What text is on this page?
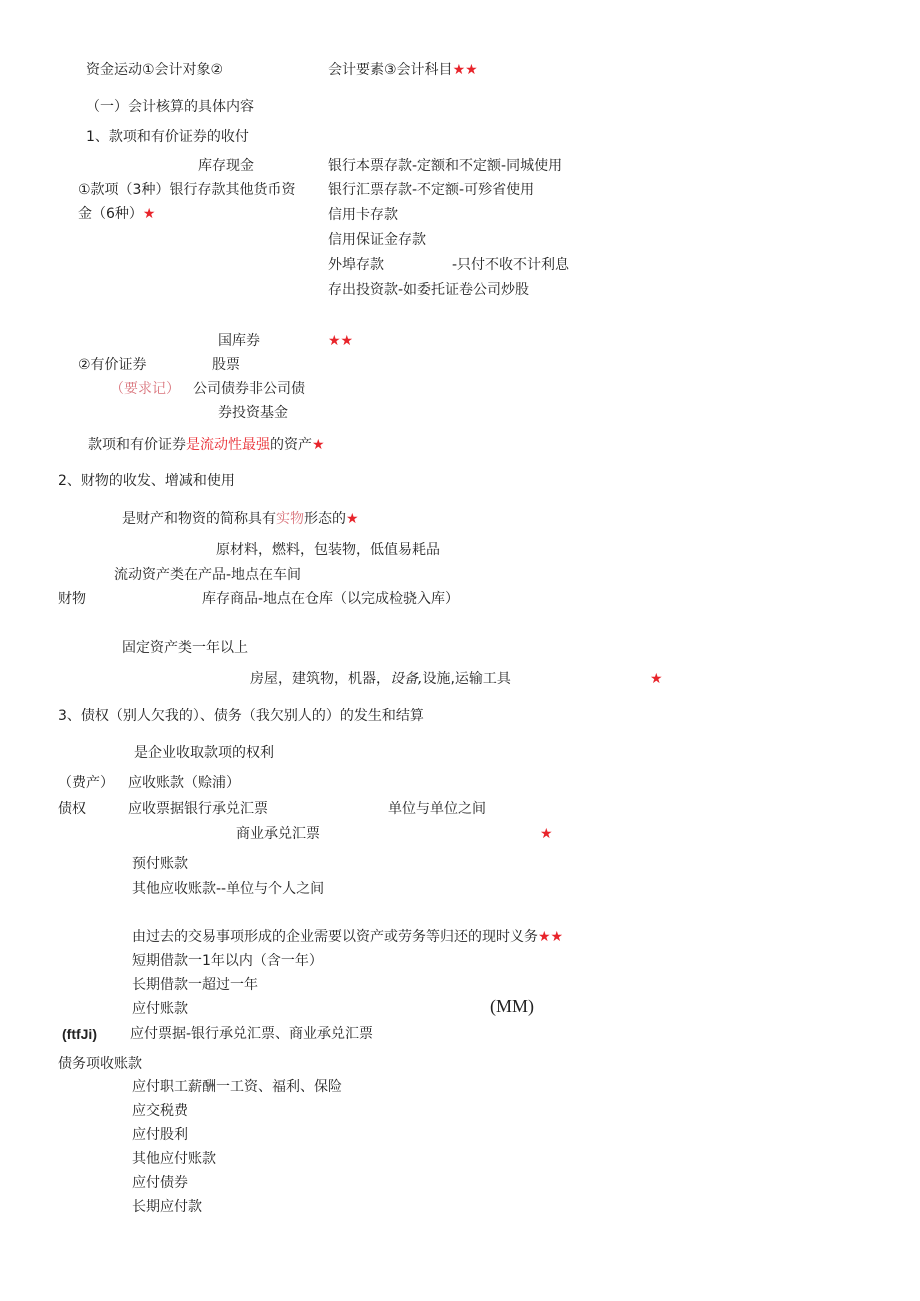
资金运动①会计对象②	会计要素③会计科目★★
（一）会计核算的具体内容
1、款项和有价证券的收付
库存现金
①款项（3种）银行存款其他货币资
金（6种）★
银行本票存款-定额和不定额-同城使用
银行汇票存款-不定额-可殄省使用
信用卡存款
信用保证金存款
外埠存款	-只付不收不计利息
存出投资款-如委托证卷公司炒股
国库券	★★
②有价证券	股票
（要求记） 公司债券非公司债
券投资基金
款项和有价证券是流动性最强的资产★
2、财物的收发、增减和使用
是财产和物资的简称具有实物形态的★
原材料，燃料，包装物，低值易耗品
流动资产类在产品-地点在车间
财物	库存商品-地点在仓库（以完成检骁入库）
固定资产类一年以上
房屋，建筑物，机器，设备,设施,运输工具	★
3、债权（别人欠我的）、债务（我欠别人的）的发生和结算
是企业收取款项的权利
（费产） 应收账款（赊浦）
债权	应收票据银行承兑汇票	单位与单位之间
商业承兑汇票	★
预付账款
其他应收账款--单位与个人之间
由过去的交易事项形成的企业需要以资产或劳务等归还的现时义务★★
短期借款一1年以内（含一年）
长期借款一超过一年
应付账款	(MM)
(ftfJi) 应付票据-银行承兑汇票、商业承兑汇票
债务项收账款
应付职工薪酬一工资、福利、保险
应交税费
应付股利
其他应付账款
应付债券
长期应付款
